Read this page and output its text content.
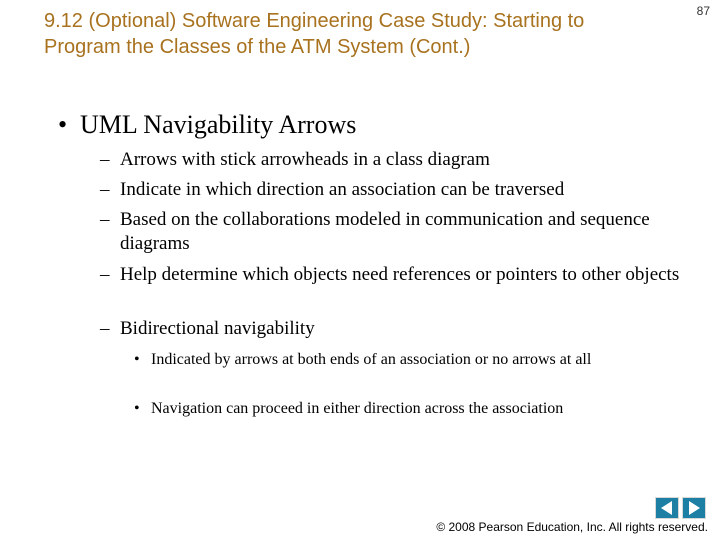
9.12 (Optional) Software Engineering Case Study: Starting to Program the Classes of the ATM System (Cont.)
87
• UML Navigability Arrows
– Arrows with stick arrowheads in a class diagram
– Indicate in which direction an association can be traversed
– Based on the collaborations modeled in communication and sequence diagrams
– Help determine which objects need references or pointers to other objects
– Bidirectional navigability
• Indicated by arrows at both ends of an association or no arrows at all
• Navigation can proceed in either direction across the association
© 2008 Pearson Education, Inc. All rights reserved.
